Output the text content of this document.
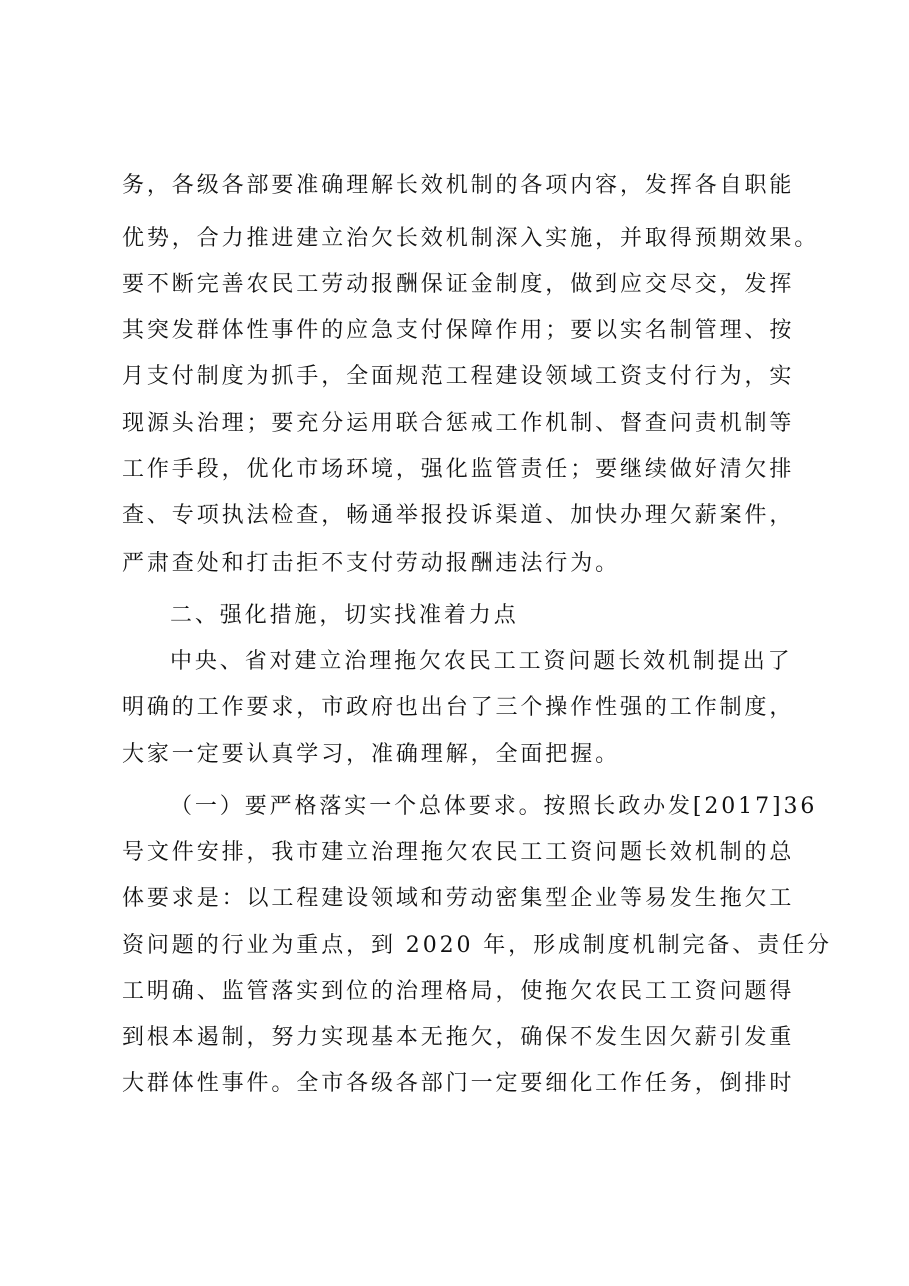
务，各级各部要准确理解长效机制的各项内容，发挥各自职能
优势，合力推进建立治欠长效机制深入实施，并取得预期效果。
要不断完善农民工劳动报酬保证金制度，做到应交尽交，发挥
其突发群体性事件的应急支付保障作用；要以实名制管理、按
月支付制度为抓手，全面规范工程建设领域工资支付行为，实
现源头治理；要充分运用联合惩戒工作机制、督查问责机制等
工作手段，优化市场环境，强化监管责任；要继续做好清欠排
查、专项执法检查，畅通举报投诉渠道、加快办理欠薪案件，
严肃查处和打击拒不支付劳动报酬违法行为。
二、强化措施，切实找准着力点
中央、省对建立治理拖欠农民工工资问题长效机制提出了
明确的工作要求，市政府也出台了三个操作性强的工作制度，
大家一定要认真学习，准确理解，全面把握。
（一）要严格落实一个总体要求。按照长政办发[2017]36
号文件安排，我市建立治理拖欠农民工工资问题长效机制的总
体要求是：以工程建设领域和劳动密集型企业等易发生拖欠工
资问题的行业为重点，到 2020 年，形成制度机制完备、责任分
工明确、监管落实到位的治理格局，使拖欠农民工工资问题得
到根本遏制，努力实现基本无拖欠，确保不发生因欠薪引发重
大群体性事件。全市各级各部门一定要细化工作任务，倒排时
